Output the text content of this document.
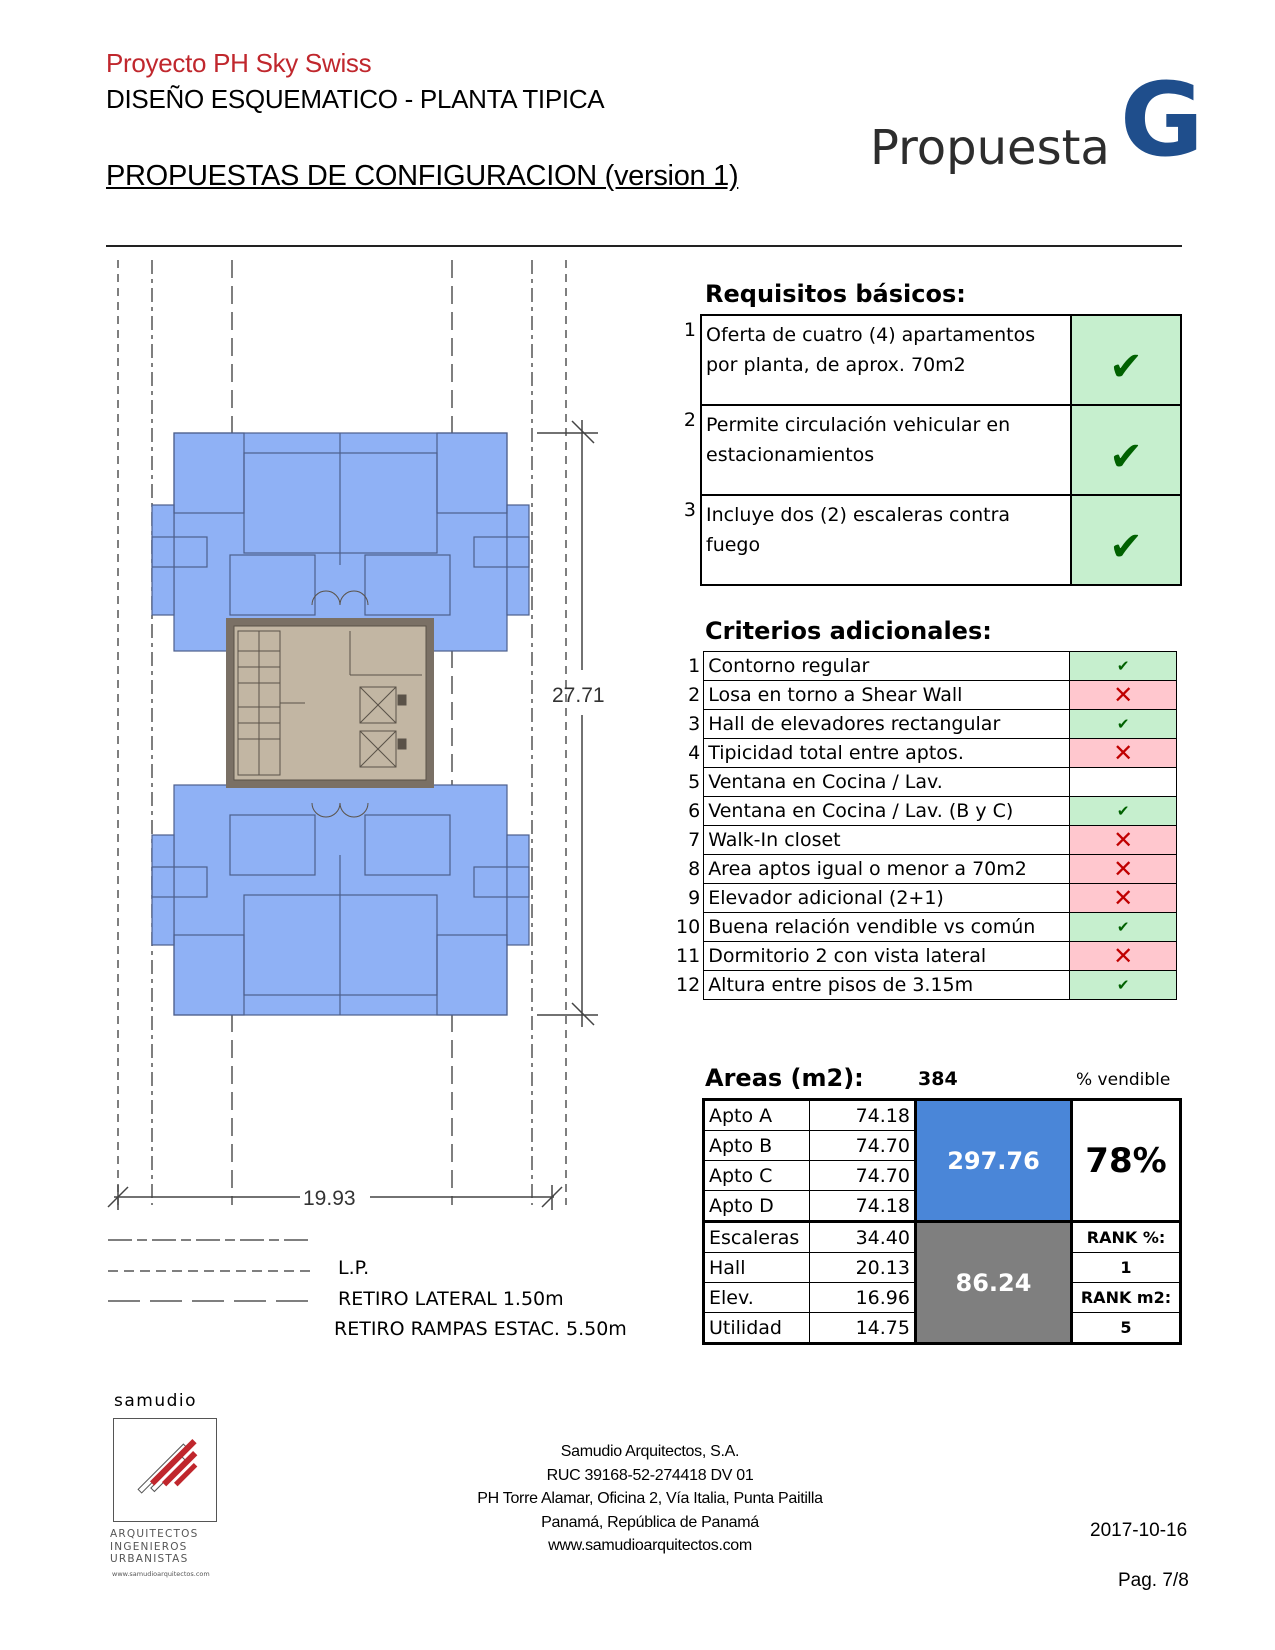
Proyecto PH Sky Swiss
DISEÑO ESQUEMATICO - PLANTA TIPICA
PROPUESTAS DE CONFIGURACION (version 1)	Propuesta G
27.71
19.93
L.P.
RETIRO LATERAL 1.50m
RETIRO RAMPAS ESTAC. 5.50m
Requisitos básicos:
1	Oferta de cuatro (4) apartamentos por planta, de aprox. 70m2	✔
2	Permite circulación vehicular en estacionamientos	✔
3	Incluye dos (2) escaleras contra fuego	✔
Criterios adicionales:
1	Contorno regular	✔
2	Losa en torno a Shear Wall	✕
3	Hall de elevadores rectangular	✔
4	Tipicidad total entre aptos.	✕
5	Ventana en Cocina / Lav.	
6	Ventana en Cocina / Lav. (B y C)	✔
7	Walk-In closet	✕
8	Area aptos igual o menor a 70m2	✕
9	Elevador adicional (2+1)	✕
10	Buena relación vendible vs común	✔
11	Dormitorio 2 con vista lateral	✕
12	Altura entre pisos de 3.15m	✔
Areas (m2):	384	% vendible
Apto A	74.18	297.76	78%
Apto B	74.70		
Apto C	74.70		
Apto D	74.18		
Escaleras	34.40	86.24	RANK %:
Hall	20.13		1
Elev.	16.96		RANK m2:
Utilidad	14.75		5
samudio
ARQUITECTOS
INGENIEROS
URBANISTAS
www.samudioarquitectos.com
Samudio Arquitectos, S.A.
RUC 39168-52-274418 DV 01
PH Torre Alamar, Oficina 2, Vía Italia, Punta Paitilla
Panamá, República de Panamá
www.samudioarquitectos.com
2017-10-16
Pag. 7/8
